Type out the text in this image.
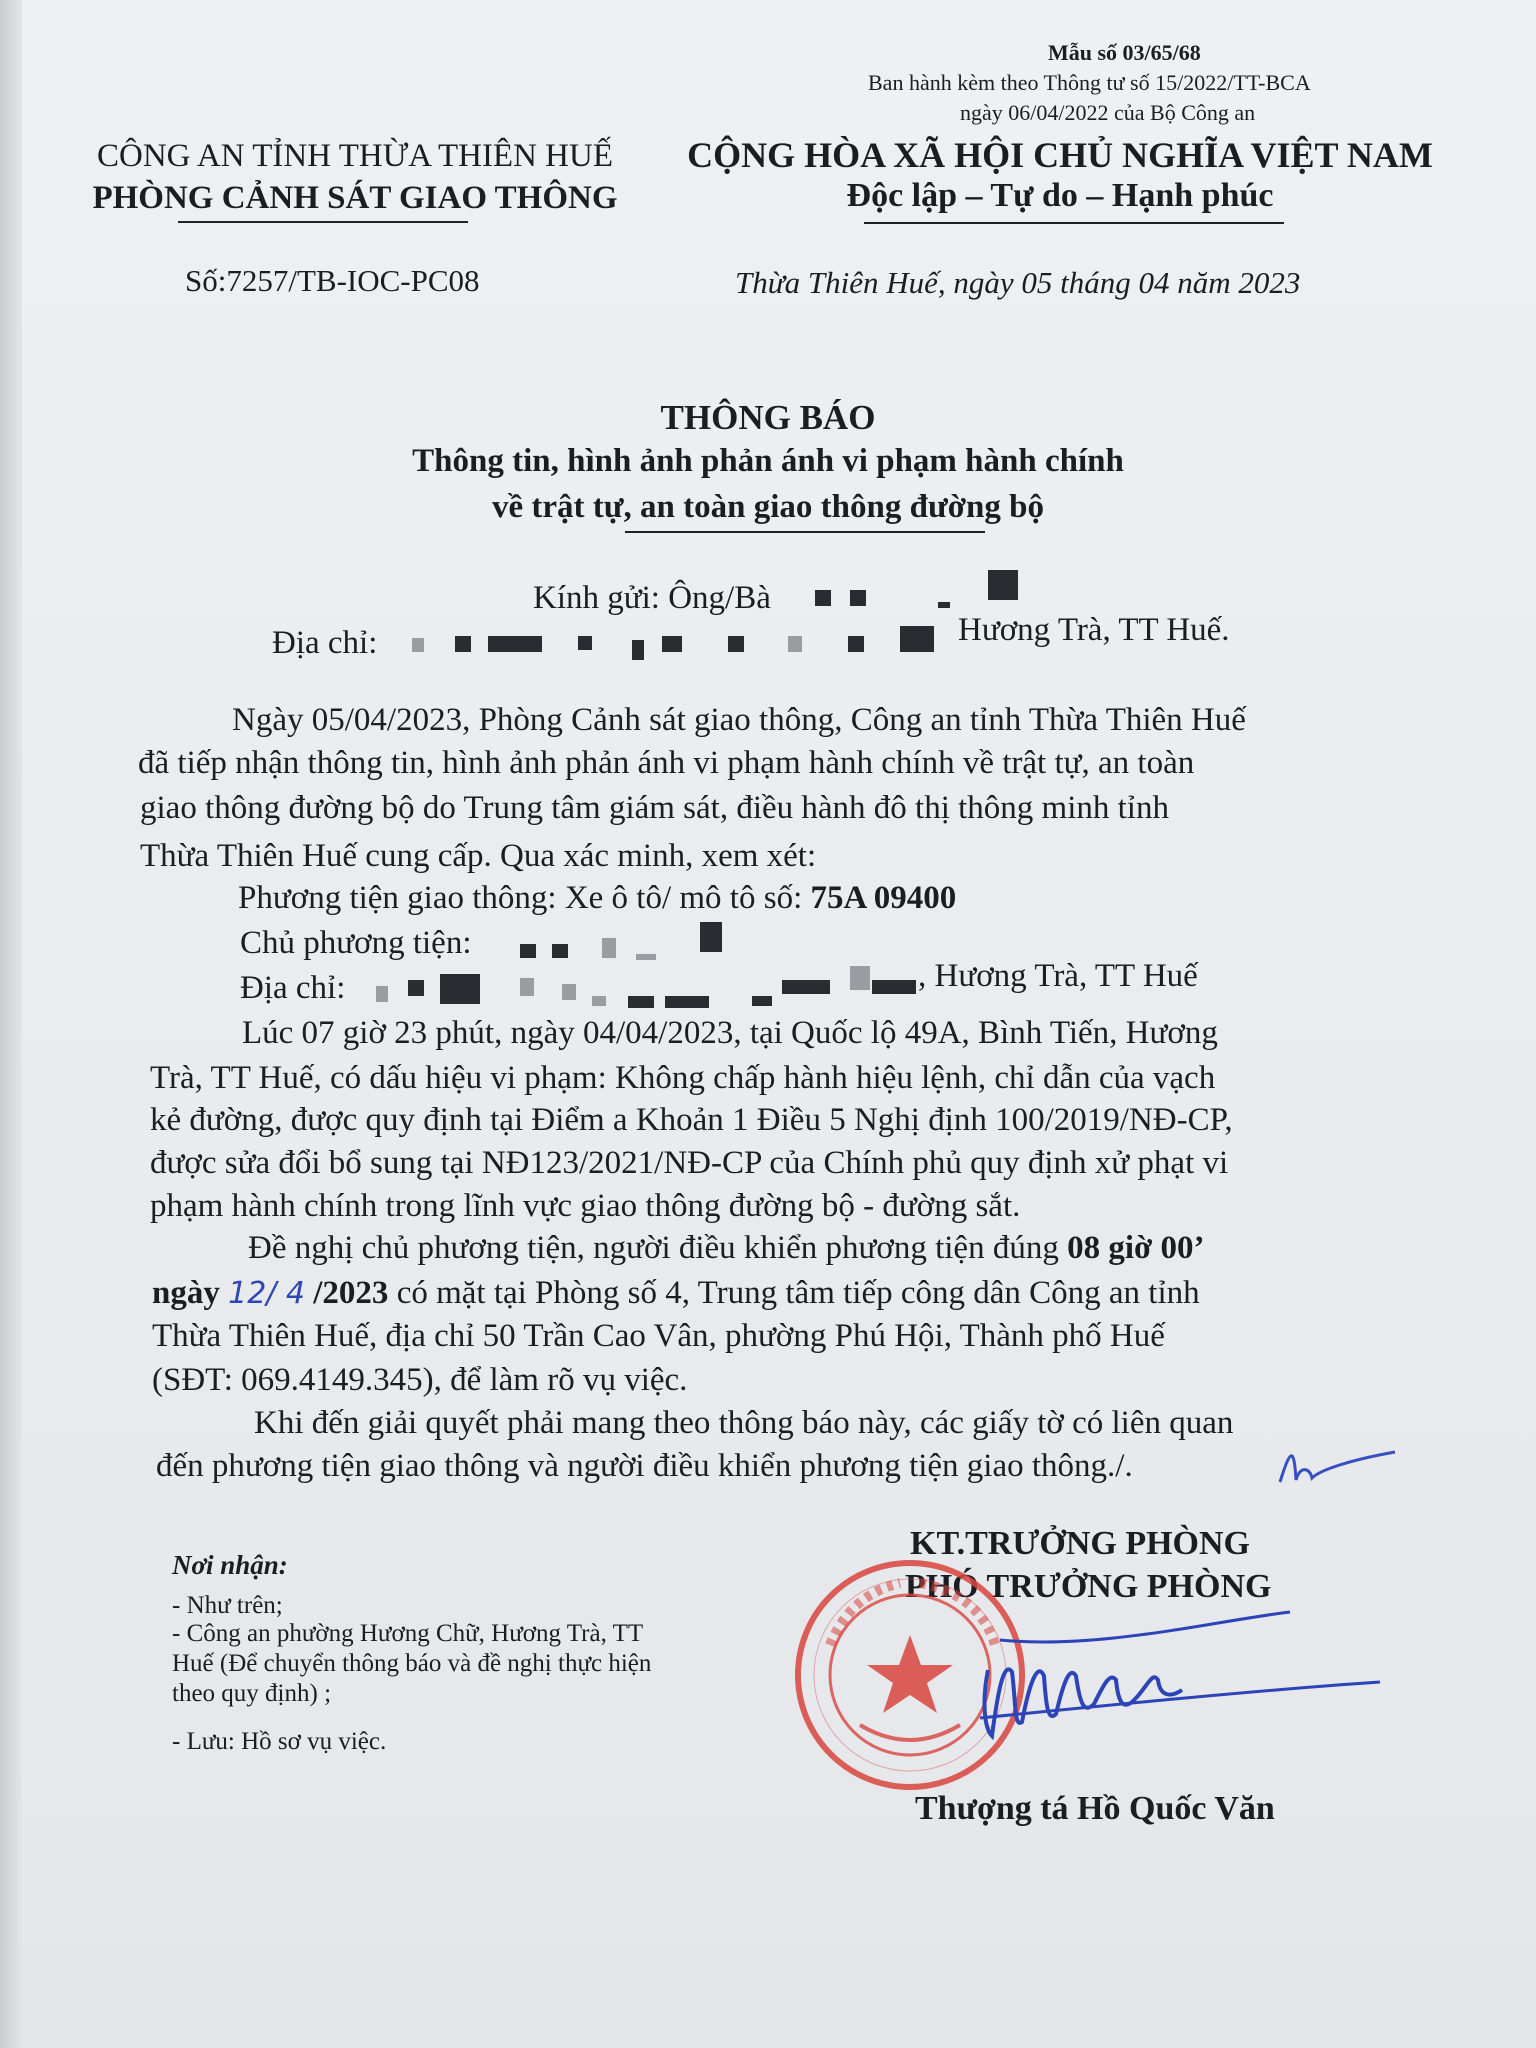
Mẫu số 03/65/68
Ban hành kèm theo Thông tư số 15/2022/TT-BCA
ngày 06/04/2022 của Bộ Công an
CÔNG AN TỈNH THỪA THIÊN HUẾ
PHÒNG CẢNH SÁT GIAO THÔNG
Số:7257/TB-IOC-PC08
CỘNG HÒA XÃ HỘI CHỦ NGHĨA VIỆT NAM
Độc lập – Tự do – Hạnh phúc
Thừa Thiên Huế, ngày 05 tháng 04 năm 2023
THÔNG BÁO
Thông tin, hình ảnh phản ánh vi phạm hành chính
về trật tự, an toàn giao thông đường bộ
Kính gửi: Ông/Bà
Địa chỉ:	Hương Trà, TT Huế.
Ngày 05/04/2023, Phòng Cảnh sát giao thông, Công an tỉnh Thừa Thiên Huế
đã tiếp nhận thông tin, hình ảnh phản ánh vi phạm hành chính về trật tự, an toàn
giao thông đường bộ do Trung tâm giám sát, điều hành đô thị thông minh tỉnh
Thừa Thiên Huế cung cấp. Qua xác minh, xem xét:
Phương tiện giao thông: Xe ô tô/ mô tô số: 75A 09400
Chủ phương tiện:
Địa chỉ:	, Hương Trà, TT Huế
Lúc 07 giờ 23 phút, ngày 04/04/2023, tại Quốc lộ 49A, Bình Tiến, Hương
Trà, TT Huế, có dấu hiệu vi phạm: Không chấp hành hiệu lệnh, chỉ dẫn của vạch
kẻ đường, được quy định tại Điểm a Khoản 1 Điều 5 Nghị định 100/2019/NĐ-CP,
được sửa đổi bổ sung tại NĐ123/2021/NĐ-CP của Chính phủ quy định xử phạt vi
phạm hành chính trong lĩnh vực giao thông đường bộ - đường sắt.
Đề nghị chủ phương tiện, người điều khiển phương tiện đúng 08 giờ 00’
ngày 12/ 4 /2023 có mặt tại Phòng số 4, Trung tâm tiếp công dân Công an tỉnh
Thừa Thiên Huế, địa chỉ 50 Trần Cao Vân, phường Phú Hội, Thành phố Huế
(SĐT: 069.4149.345), để làm rõ vụ việc.
Khi đến giải quyết phải mang theo thông báo này, các giấy tờ có liên quan
đến phương tiện giao thông và người điều khiển phương tiện giao thông./.
Nơi nhận:
- Như trên;
- Công an phường Hương Chữ, Hương Trà, TT
Huế (Để chuyển thông báo và đề nghị thực hiện
theo quy định) ;
- Lưu: Hồ sơ vụ việc.
KT.TRƯỞNG PHÒNG
PHÓ TRƯỞNG PHÒNG
Thượng tá Hồ Quốc Văn
